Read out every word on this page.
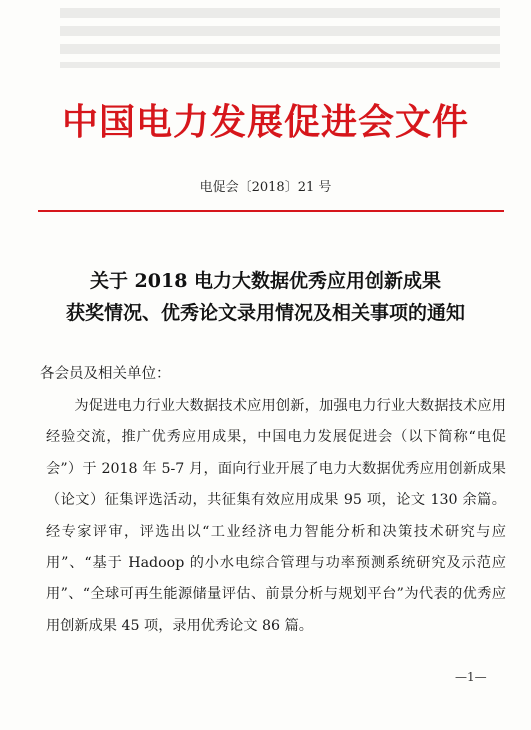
中国电力发展促进会文件
电促会〔2018〕21 号
关于 2018 电力大数据优秀应用创新成果
获奖情况、优秀论文录用情况及相关事项的通知
各会员及相关单位：

为促进电力行业大数据技术应用创新，加强电力行业大数据技术应用经验交流，推广优秀应用成果，中国电力发展促进会（以下简称“电促会”）于 2018 年 5-7 月，面向行业开展了电力大数据优秀应用创新成果（论文）征集评选活动，共征集有效应用成果 95 项，论文 130 余篇。经专家评审，评选出以“工业经济电力智能分析和决策技术研究与应用”、“基于 Hadoop 的小水电综合管理与功率预测系统研究及示范应用”、“全球可再生能源储量评估、前景分析与规划平台”为代表的优秀应用创新成果 45 项，录用优秀论文 86 篇。

—1—
